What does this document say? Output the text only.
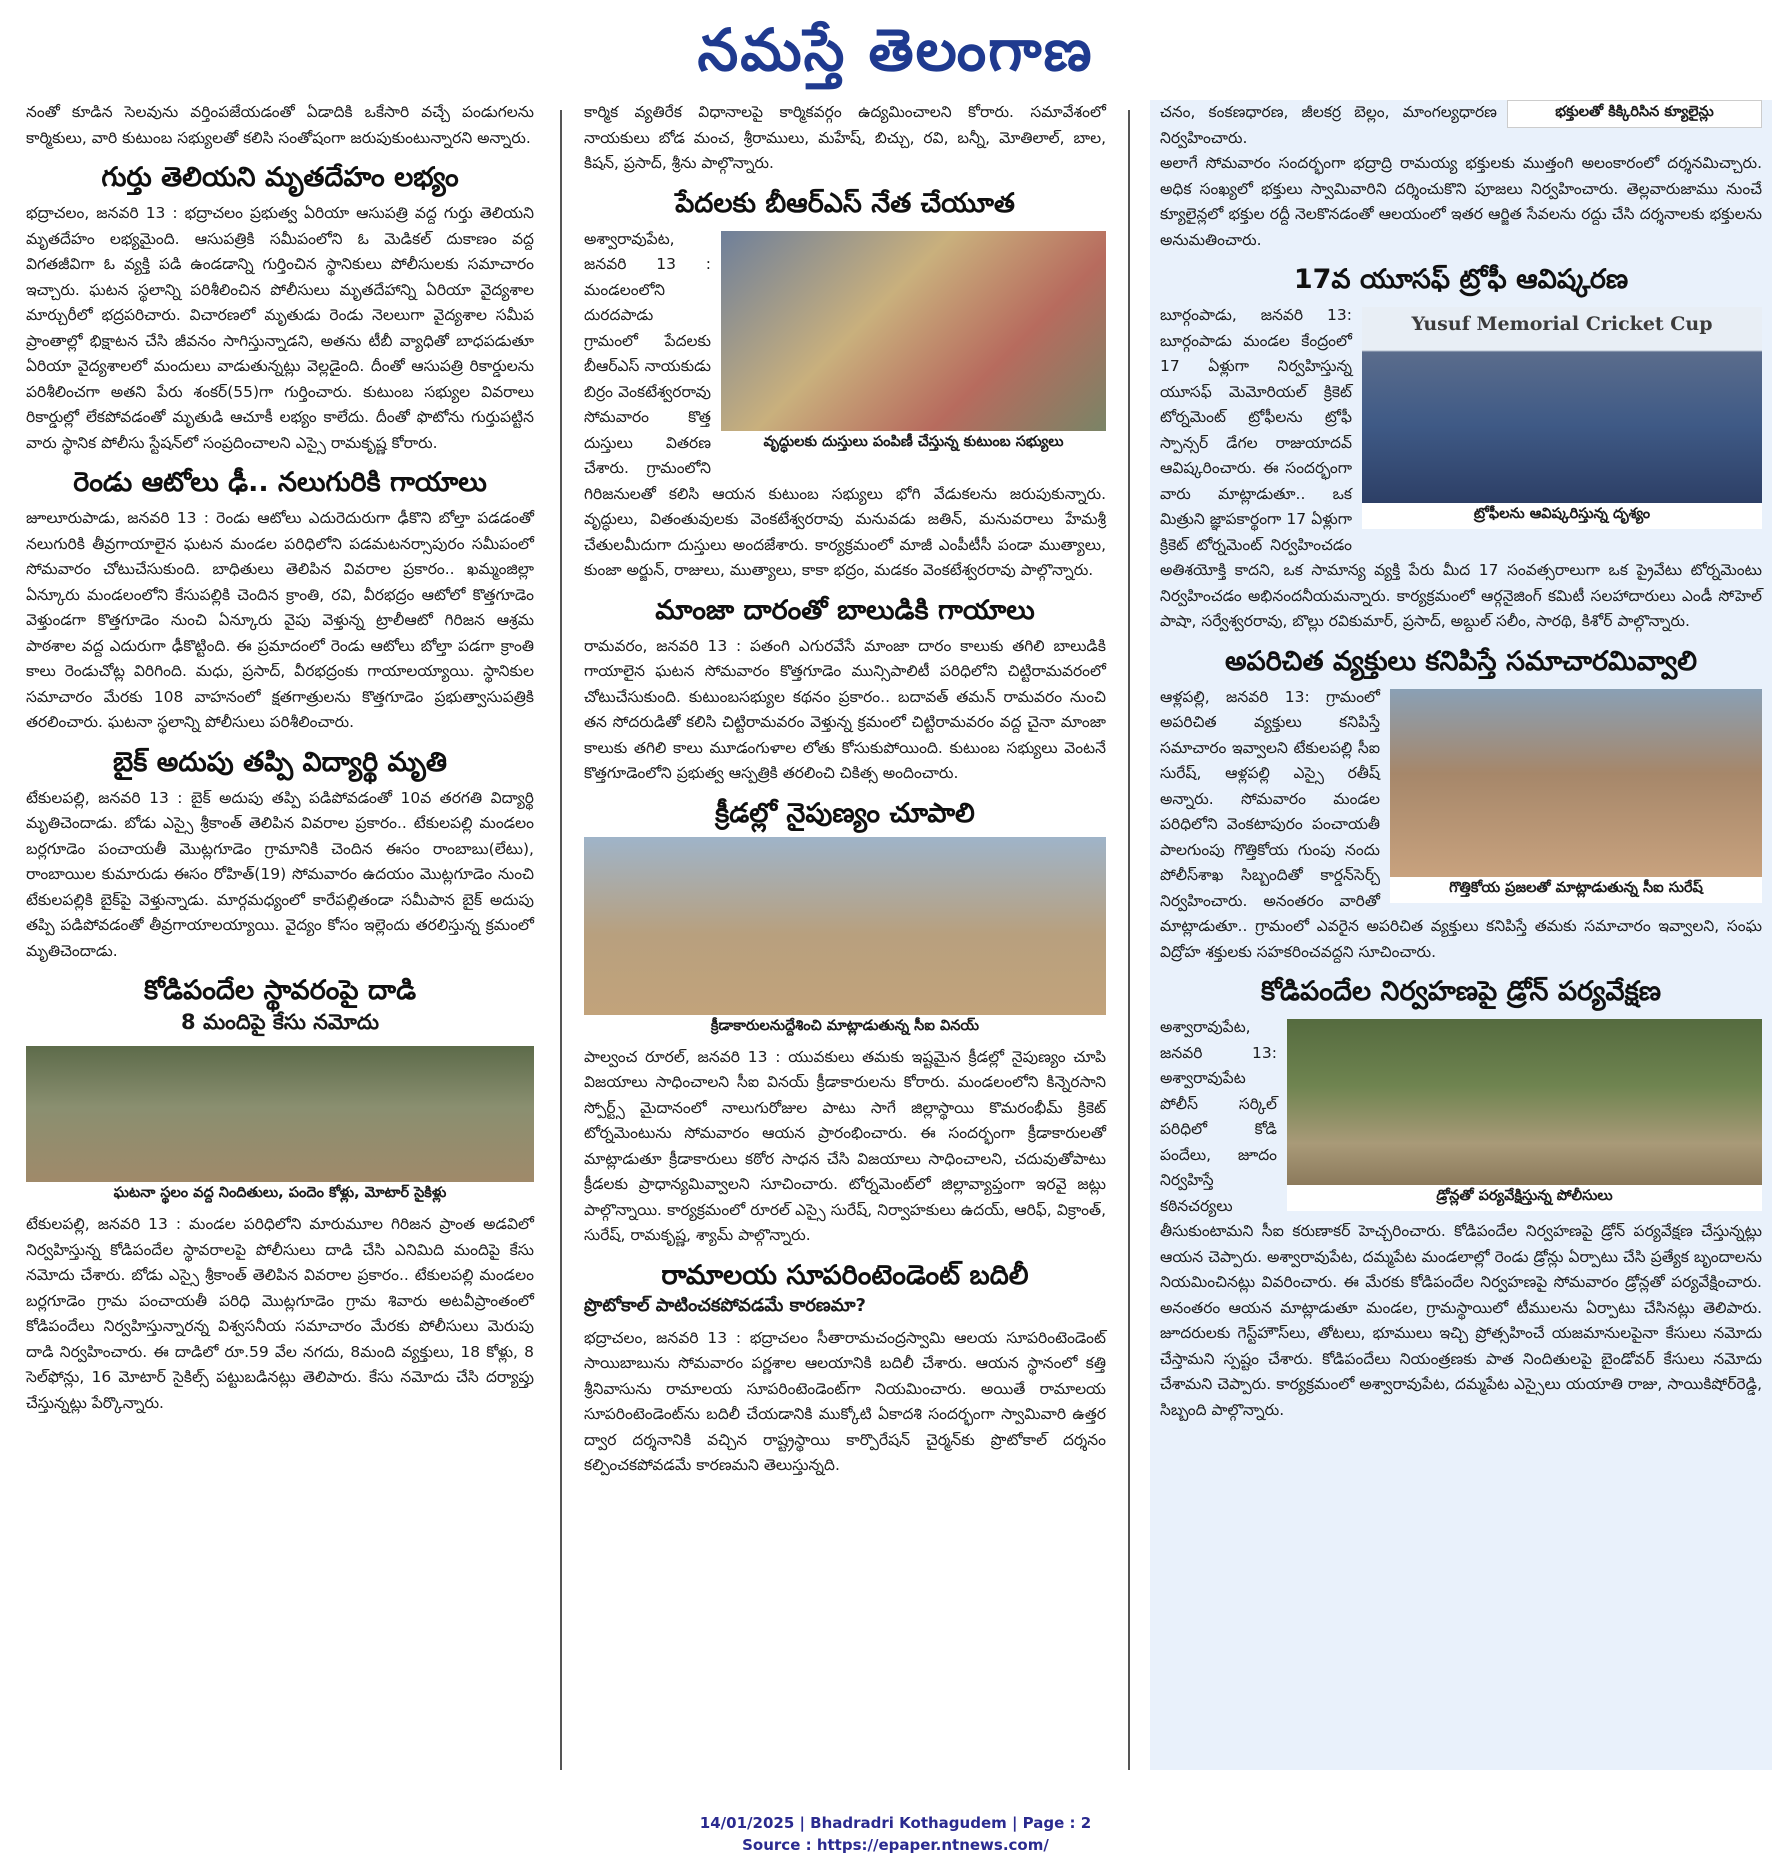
నమస్తే తెలంగాణ

నంతో కూడిన సెలవును వర్తింపజేయడంతో ఏడాదికి ఒకేసారి వచ్చే పండుగలను కార్మికులు, వారి కుటుంబ సభ్యులతో కలిసి సంతోషంగా జరుపుకుంటున్నారని అన్నారు.

గుర్తు తెలియని మృతదేహం లభ్యం

భద్రాచలం, జనవరి 13 : భద్రాచలం ప్రభుత్వ ఏరియా ఆసుపత్రి వద్ద గుర్తు తెలియని మృతదేహం లభ్యమైంది. ఆసుపత్రికి సమీపంలోని ఓ మెడికల్ దుకాణం వద్ద విగతజీవిగా ఓ వ్యక్తి పడి ఉండడాన్ని గుర్తించిన స్థానికులు పోలీసులకు సమాచారం ఇచ్చారు. ఘటన స్థలాన్ని పరిశీలించిన పోలీసులు మృతదేహాన్ని ఏరియా వైద్యశాల మార్చురీలో భద్రపరిచారు. విచారణలో మృతుడు రెండు నెలలుగా వైద్యశాల సమీప ప్రాంతాల్లో భిక్షాటన చేసి జీవనం సాగిస్తున్నాడని, అతను టీబీ వ్యాధితో బాధపడుతూ ఏరియా వైద్యశాలలో మందులు వాడుతున్నట్లు వెల్లడైంది. దీంతో ఆసుపత్రి రికార్డులను పరిశీలించగా అతని పేరు శంకర్(55)గా గుర్తించారు. కుటుంబ సభ్యుల వివరాలు రికార్డుల్లో లేకపోవడంతో మృతుడి ఆచూకీ లభ్యం కాలేదు. దీంతో ఫొటోను గుర్తుపట్టిన వారు స్థానిక పోలీసు స్టేషన్‌లో సంప్రదించాలని ఎస్సై రామకృష్ణ కోరారు.

రెండు ఆటోలు ఢీ.. నలుగురికి గాయాలు

జూలూరుపాడు, జనవరి 13 : రెండు ఆటోలు ఎదురెదురుగా ఢీకొని బోల్తా పడడంతో నలుగురికి తీవ్రగాయాలైన ఘటన మండల పరిధిలోని పడమటనర్సాపురం సమీపంలో సోమవారం చోటుచేసుకుంది. బాధితులు తెలిపిన వివరాల ప్రకారం.. ఖమ్మంజిల్లా ఏన్కూరు మండలంలోని కేసుపల్లికి చెందిన క్రాంతి, రవి, వీరభద్రం ఆటోలో కొత్తగూడెం వెళ్తుండగా కొత్తగూడెం నుంచి ఏన్కూరు వైపు వెళ్తున్న ట్రాలీఆటో గిరిజన ఆశ్రమ పాఠశాల వద్ద ఎదురుగా ఢీకొట్టింది. ఈ ప్రమాదంలో రెండు ఆటోలు బోల్తా పడగా క్రాంతి కాలు రెండుచోట్ల విరిగింది. మధు, ప్రసాద్, వీరభద్రంకు గాయాలయ్యాయి. స్థానికుల సమాచారం మేరకు 108 వాహనంలో క్షతగాత్రులను కొత్తగూడెం ప్రభుత్వాసుపత్రికి తరలించారు. ఘటనా స్థలాన్ని పోలీసులు పరిశీలించారు.

బైక్ అదుపు తప్పి విద్యార్థి మృతి

టేకులపల్లి, జనవరి 13 : బైక్ అదుపు తప్పి పడిపోవడంతో 10వ తరగతి విద్యార్థి మృతిచెందాడు. బోడు ఎస్సై శ్రీకాంత్ తెలిపిన వివరాల ప్రకారం.. టేకులపల్లి మండలం బర్లగూడెం పంచాయతీ మొట్లగూడెం గ్రామానికి చెందిన ఈసం రాంబాబు(లేటు), రాంబాయిల కుమారుడు ఈసం రోహిత్(19) సోమవారం ఉదయం మొట్లగూడెం నుంచి టేకులపల్లికి బైక్‌పై వెళ్తున్నాడు. మార్గమధ్యంలో కారేపల్లితండా సమీపాన బైక్ అదుపు తప్పి పడిపోవడంతో తీవ్రగాయాలయ్యాయి. వైద్యం కోసం ఇల్లెందు తరలిస్తున్న క్రమంలో మృతిచెందాడు.

కోడిపందేల స్థావరంపై దాడి
8 మందిపై కేసు నమోదు
ఘటనా స్థలం వద్ద నిందితులు, పందెం కోళ్లు, మోటార్ సైకిళ్లు

టేకులపల్లి, జనవరి 13 : మండల పరిధిలోని మారుమూల గిరిజన ప్రాంత అడవిలో నిర్వహిస్తున్న కోడిపందేల స్థావరాలపై పోలీసులు దాడి చేసి ఎనిమిది మందిపై కేసు నమోదు చేశారు. బోడు ఎస్సై శ్రీకాంత్ తెలిపిన వివరాల ప్రకారం.. టేకులపల్లి మండలం బర్లగూడెం గ్రామ పంచాయతీ పరిధి మొట్లగూడెం గ్రామ శివారు అటవీప్రాంతంలో కోడిపందేలు నిర్వహిస్తున్నారన్న విశ్వసనీయ సమాచారం మేరకు పోలీసులు మెరుపు దాడి నిర్వహించారు. ఈ దాడిలో రూ.59 వేల నగదు, 8మంది వ్యక్తులు, 18 కోళ్లు, 8 సెల్‌ఫోన్లు, 16 మోటార్ సైకిల్స్ పట్టుబడినట్లు తెలిపారు. కేసు నమోదు చేసి దర్యాప్తు చేస్తున్నట్లు పేర్కొన్నారు.

కార్మిక వ్యతిరేక విధానాలపై కార్మికవర్గం ఉద్యమించాలని కోరారు. సమావేశంలో నాయకులు బోడ మంచ, శ్రీరాములు, మహేష్, బిచ్చు, రవి, బన్నీ, మోతిలాల్, బాల, కిషన్, ప్రసాద్, శ్రీను పాల్గొన్నారు.

పేదలకు బీఆర్‌ఎస్ నేత చేయూత
వృద్ధులకు దుస్తులు పంపిణీ చేస్తున్న కుటుంబ సభ్యులు

అశ్వారావుపేట, జనవరి 13 : మండలంలోని దురదపాడు గ్రామంలో పేదలకు బీఆర్‌ఎస్ నాయకుడు బిర్రం వెంకటేశ్వరరావు సోమవారం కొత్త దుస్తులు వితరణ చేశారు. గ్రామంలోని గిరిజనులతో కలిసి ఆయన కుటుంబ సభ్యులు భోగి వేడుకలను జరుపుకున్నారు. వృద్ధులు, వితంతువులకు వెంకటేశ్వరరావు మనువడు జతిన్, మనువరాలు హేమశ్రీ చేతులమీదుగా దుస్తులు అందజేశారు. కార్యక్రమంలో మాజీ ఎంపీటీసీ పండా ముత్యాలు, కుంజా అర్జున్, రాజులు, ముత్యాలు, కాకా భద్రం, మడకం వెంకటేశ్వరరావు పాల్గొన్నారు.

మాంజా దారంతో బాలుడికి గాయాలు

రామవరం, జనవరి 13 : పతంగి ఎగురవేసే మాంజా దారం కాలుకు తగిలి బాలుడికి గాయాలైన ఘటన సోమవారం కొత్తగూడెం మున్సిపాలిటీ పరిధిలోని చిట్టిరామవరంలో చోటుచేసుకుంది. కుటుంబసభ్యుల కథనం ప్రకారం.. బదావత్ తమన్ రామవరం నుంచి తన సోదరుడితో కలిసి చిట్టిరామవరం వెళ్తున్న క్రమంలో చిట్టిరామవరం వద్ద చైనా మాంజా కాలుకు తగిలి కాలు మూడంగుళాల లోతు కోసుకుపోయింది. కుటుంబ సభ్యులు వెంటనే కొత్తగూడెంలోని ప్రభుత్వ ఆస్పత్రికి తరలించి చికిత్స అందించారు.

క్రీడల్లో నైపుణ్యం చూపాలి
క్రీడాకారులనుద్దేశించి మాట్లాడుతున్న సీఐ వినయ్

పాల్వంచ రూరల్, జనవరి 13 : యువకులు తమకు ఇష్టమైన క్రీడల్లో నైపుణ్యం చూపి విజయాలు సాధించాలని సీఐ వినయ్ క్రీడాకారులను కోరారు. మండలంలోని కిన్నెరసాని స్పోర్ట్స్ మైదానంలో నాలుగురోజుల పాటు సాగే జిల్లాస్థాయి కొమరంభీమ్ క్రికెట్ టోర్నమెంటును సోమవారం ఆయన ప్రారంభించారు. ఈ సందర్భంగా క్రీడాకారులతో మాట్లాడుతూ క్రీడాకారులు కఠోర సాధన చేసి విజయాలు సాధించాలని, చదువుతోపాటు క్రీడలకు ప్రాధాన్యమివ్వాలని సూచించారు. టోర్నమెంట్‌లో జిల్లావ్యాప్తంగా ఇరవై జట్లు పాల్గొన్నాయి. కార్యక్రమంలో రూరల్ ఎస్సై సురేష్, నిర్వాహకులు ఉదయ్, ఆరిఫ్, విక్రాంత్, సురేష్, రామకృష్ణ, శ్యామ్ పాల్గొన్నారు.

రామాలయ సూపరింటెండెంట్ బదిలీ
ప్రొటోకాల్ పాటించకపోవడమే కారణమా?

భద్రాచలం, జనవరి 13 : భద్రాచలం సీతారామచంద్రస్వామి ఆలయ సూపరింటెండెంట్ సాయిబాబును సోమవారం పర్ణశాల ఆలయానికి బదిలీ చేశారు. ఆయన స్థానంలో కత్తి శ్రీనివాసును రామాలయ సూపరింటెండెంట్‌గా నియమించారు. అయితే రామాలయ సూపరింటెండెంట్‌ను బదిలీ చేయడానికి ముక్కోటి ఏకాదశి సందర్భంగా స్వామివారి ఉత్తర ద్వార దర్శనానికి వచ్చిన రాష్ట్రస్థాయి కార్పొరేషన్ చైర్మన్‌కు ప్రొటోకాల్ దర్శనం కల్పించకపోవడమే కారణమని తెలుస్తున్నది.

భక్తులతో కిక్కిరిసిన క్యూలైన్లు

చనం, కంకణధారణ, జీలకర్ర బెల్లం, మాంగల్యధారణ నిర్వహించారు.

అలాగే సోమవారం సందర్భంగా భద్రాద్రి రామయ్య భక్తులకు ముత్తంగి అలంకారంలో దర్శనమిచ్చారు. అధిక సంఖ్యలో భక్తులు స్వామివారిని దర్శించుకొని పూజలు నిర్వహించారు. తెల్లవారుజాము నుంచే క్యూలైన్లలో భక్తుల రద్దీ నెలకొనడంతో ఆలయంలో ఇతర ఆర్జిత సేవలను రద్దు చేసి దర్శనాలకు భక్తులను అనుమతించారు.

17వ యూసఫ్ ట్రోఫీ ఆవిష్కరణ
Yusuf Memorial Cricket Cup
ట్రోఫీలను ఆవిష్కరిస్తున్న దృశ్యం

బూర్గంపాడు, జనవరి 13: బూర్గంపాడు మండల కేంద్రంలో 17 ఏళ్లుగా నిర్వహిస్తున్న యూసఫ్ మెమోరియల్ క్రికెట్ టోర్నమెంట్ ట్రోఫీలను ట్రోఫీ స్పాన్సర్ డేగల రాజుయాదవ్ ఆవిష్కరించారు. ఈ సందర్భంగా వారు మాట్లాడుతూ.. ఒక మిత్రుని జ్ఞాపకార్థంగా 17 ఏళ్లుగా క్రికెట్ టోర్నమెంట్ నిర్వహించడం అతిశయోక్తి కాదని, ఒక సామాన్య వ్యక్తి పేరు మీద 17 సంవత్సరాలుగా ఒక ప్రైవేటు టోర్నమెంటు నిర్వహించడం అభినందనీయమన్నారు. కార్యక్రమంలో ఆర్గనైజింగ్ కమిటీ సలహాదారులు ఎండీ సోహెల్ పాషా, సర్వేశ్వరరావు, బొల్లు రవికుమార్, ప్రసాద్, అబ్దుల్ సలీం, సారథి, కిశోర్ పాల్గొన్నారు.

అపరిచిత వ్యక్తులు కనిపిస్తే సమాచారమివ్వాలి
గొత్తికోయ ప్రజలతో మాట్లాడుతున్న సీఐ సురేష్

ఆళ్లపల్లి, జనవరి 13: గ్రామంలో అపరిచిత వ్యక్తులు కనిపిస్తే సమాచారం ఇవ్వాలని టేకులపల్లి సీఐ సురేష్, ఆళ్లపల్లి ఎస్సై రతీష్ అన్నారు. సోమవారం మండల పరిధిలోని వెంకటాపురం పంచాయతీ పాలగుంపు గొత్తికోయ గుంపు నందు పోలీస్‌శాఖ సిబ్బందితో కార్డన్‌సెర్చ్ నిర్వహించారు. అనంతరం వారితో మాట్లాడుతూ.. గ్రామంలో ఎవరైన అపరిచిత వ్యక్తులు కనిపిస్తే తమకు సమాచారం ఇవ్వాలని, సంఘ విద్రోహ శక్తులకు సహకరించవద్దని సూచించారు.

కోడిపందేల నిర్వహణపై డ్రోన్ పర్యవేక్షణ
డ్రోన్లతో పర్యవేక్షిస్తున్న పోలీసులు

అశ్వారావుపేట, జనవరి 13: అశ్వారావుపేట పోలీస్ సర్కిల్ పరిధిలో కోడి పందేలు, జూదం నిర్వహిస్తే కఠినచర్యలు తీసుకుంటామని సీఐ కరుణాకర్ హెచ్చరించారు. కోడిపందేల నిర్వహణపై డ్రోన్ పర్యవేక్షణ చేస్తున్నట్లు ఆయన చెప్పారు. అశ్వారావుపేట, దమ్మపేట మండలాల్లో రెండు డ్రోన్లు ఏర్పాటు చేసి ప్రత్యేక బృందాలను నియమించినట్లు వివరించారు. ఈ మేరకు కోడిపందేల నిర్వహణపై సోమవారం డ్రోన్లతో పర్యవేక్షించారు. అనంతరం ఆయన మాట్లాడుతూ మండల, గ్రామస్థాయిలో టీములను ఏర్పాటు చేసినట్లు తెలిపారు. జూదరులకు గెస్ట్‌హౌస్‌లు, తోటలు, భూములు ఇచ్చి ప్రోత్సహించే యజమానులపైనా కేసులు నమోదు చేస్తామని స్పష్టం చేశారు. కోడిపందేలు నియంత్రణకు పాత నిందితులపై బైండోవర్ కేసులు నమోదు చేశామని చెప్పారు. కార్యక్రమంలో అశ్వారావుపేట, దమ్మపేట ఎస్సైలు యయాతి రాజు, సాయికిషోర్‌రెడ్డి, సిబ్బంది పాల్గొన్నారు.

14/01/2025 | Bhadradri Kothagudem | Page : 2
Source : https://epaper.ntnews.com/
